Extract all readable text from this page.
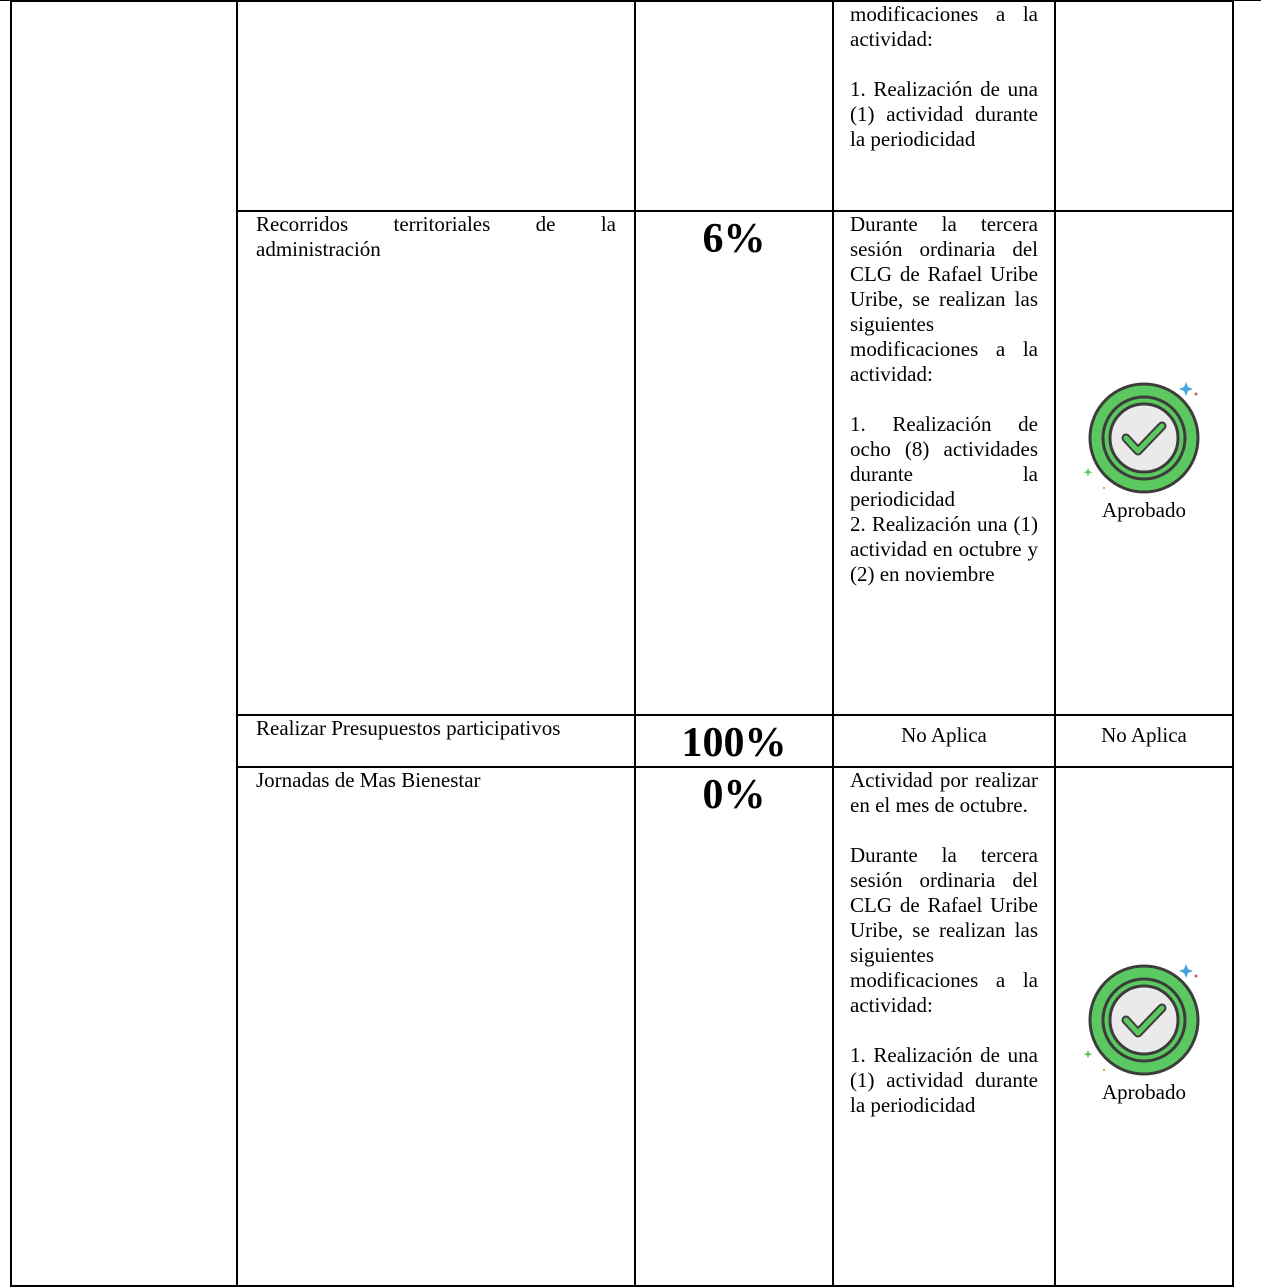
			modificaciones a la actividad:

1. Realización de una (1) actividad durante la periodicidad	

	Recorridos territoriales de la administración	6%	Durante la tercera sesión ordinaria del CLG de Rafael Uribe Uribe, se realizan las siguientes modificaciones a la actividad:

1. Realización de ocho (8) actividades durante la periodicidad

2. Realización una (1) actividad en octubre y (2) en noviembre	Aprobado

	Realizar Presupuestos participativos	100%	No Aplica	No Aplica

	Jornadas de Mas Bienestar	0%	Actividad por realizar en el mes de octubre.

Durante la tercera sesión ordinaria del CLG de Rafael Uribe Uribe, se realizan las siguientes modificaciones a la actividad:

1. Realización de una (1) actividad durante la periodicidad	Aprobado
